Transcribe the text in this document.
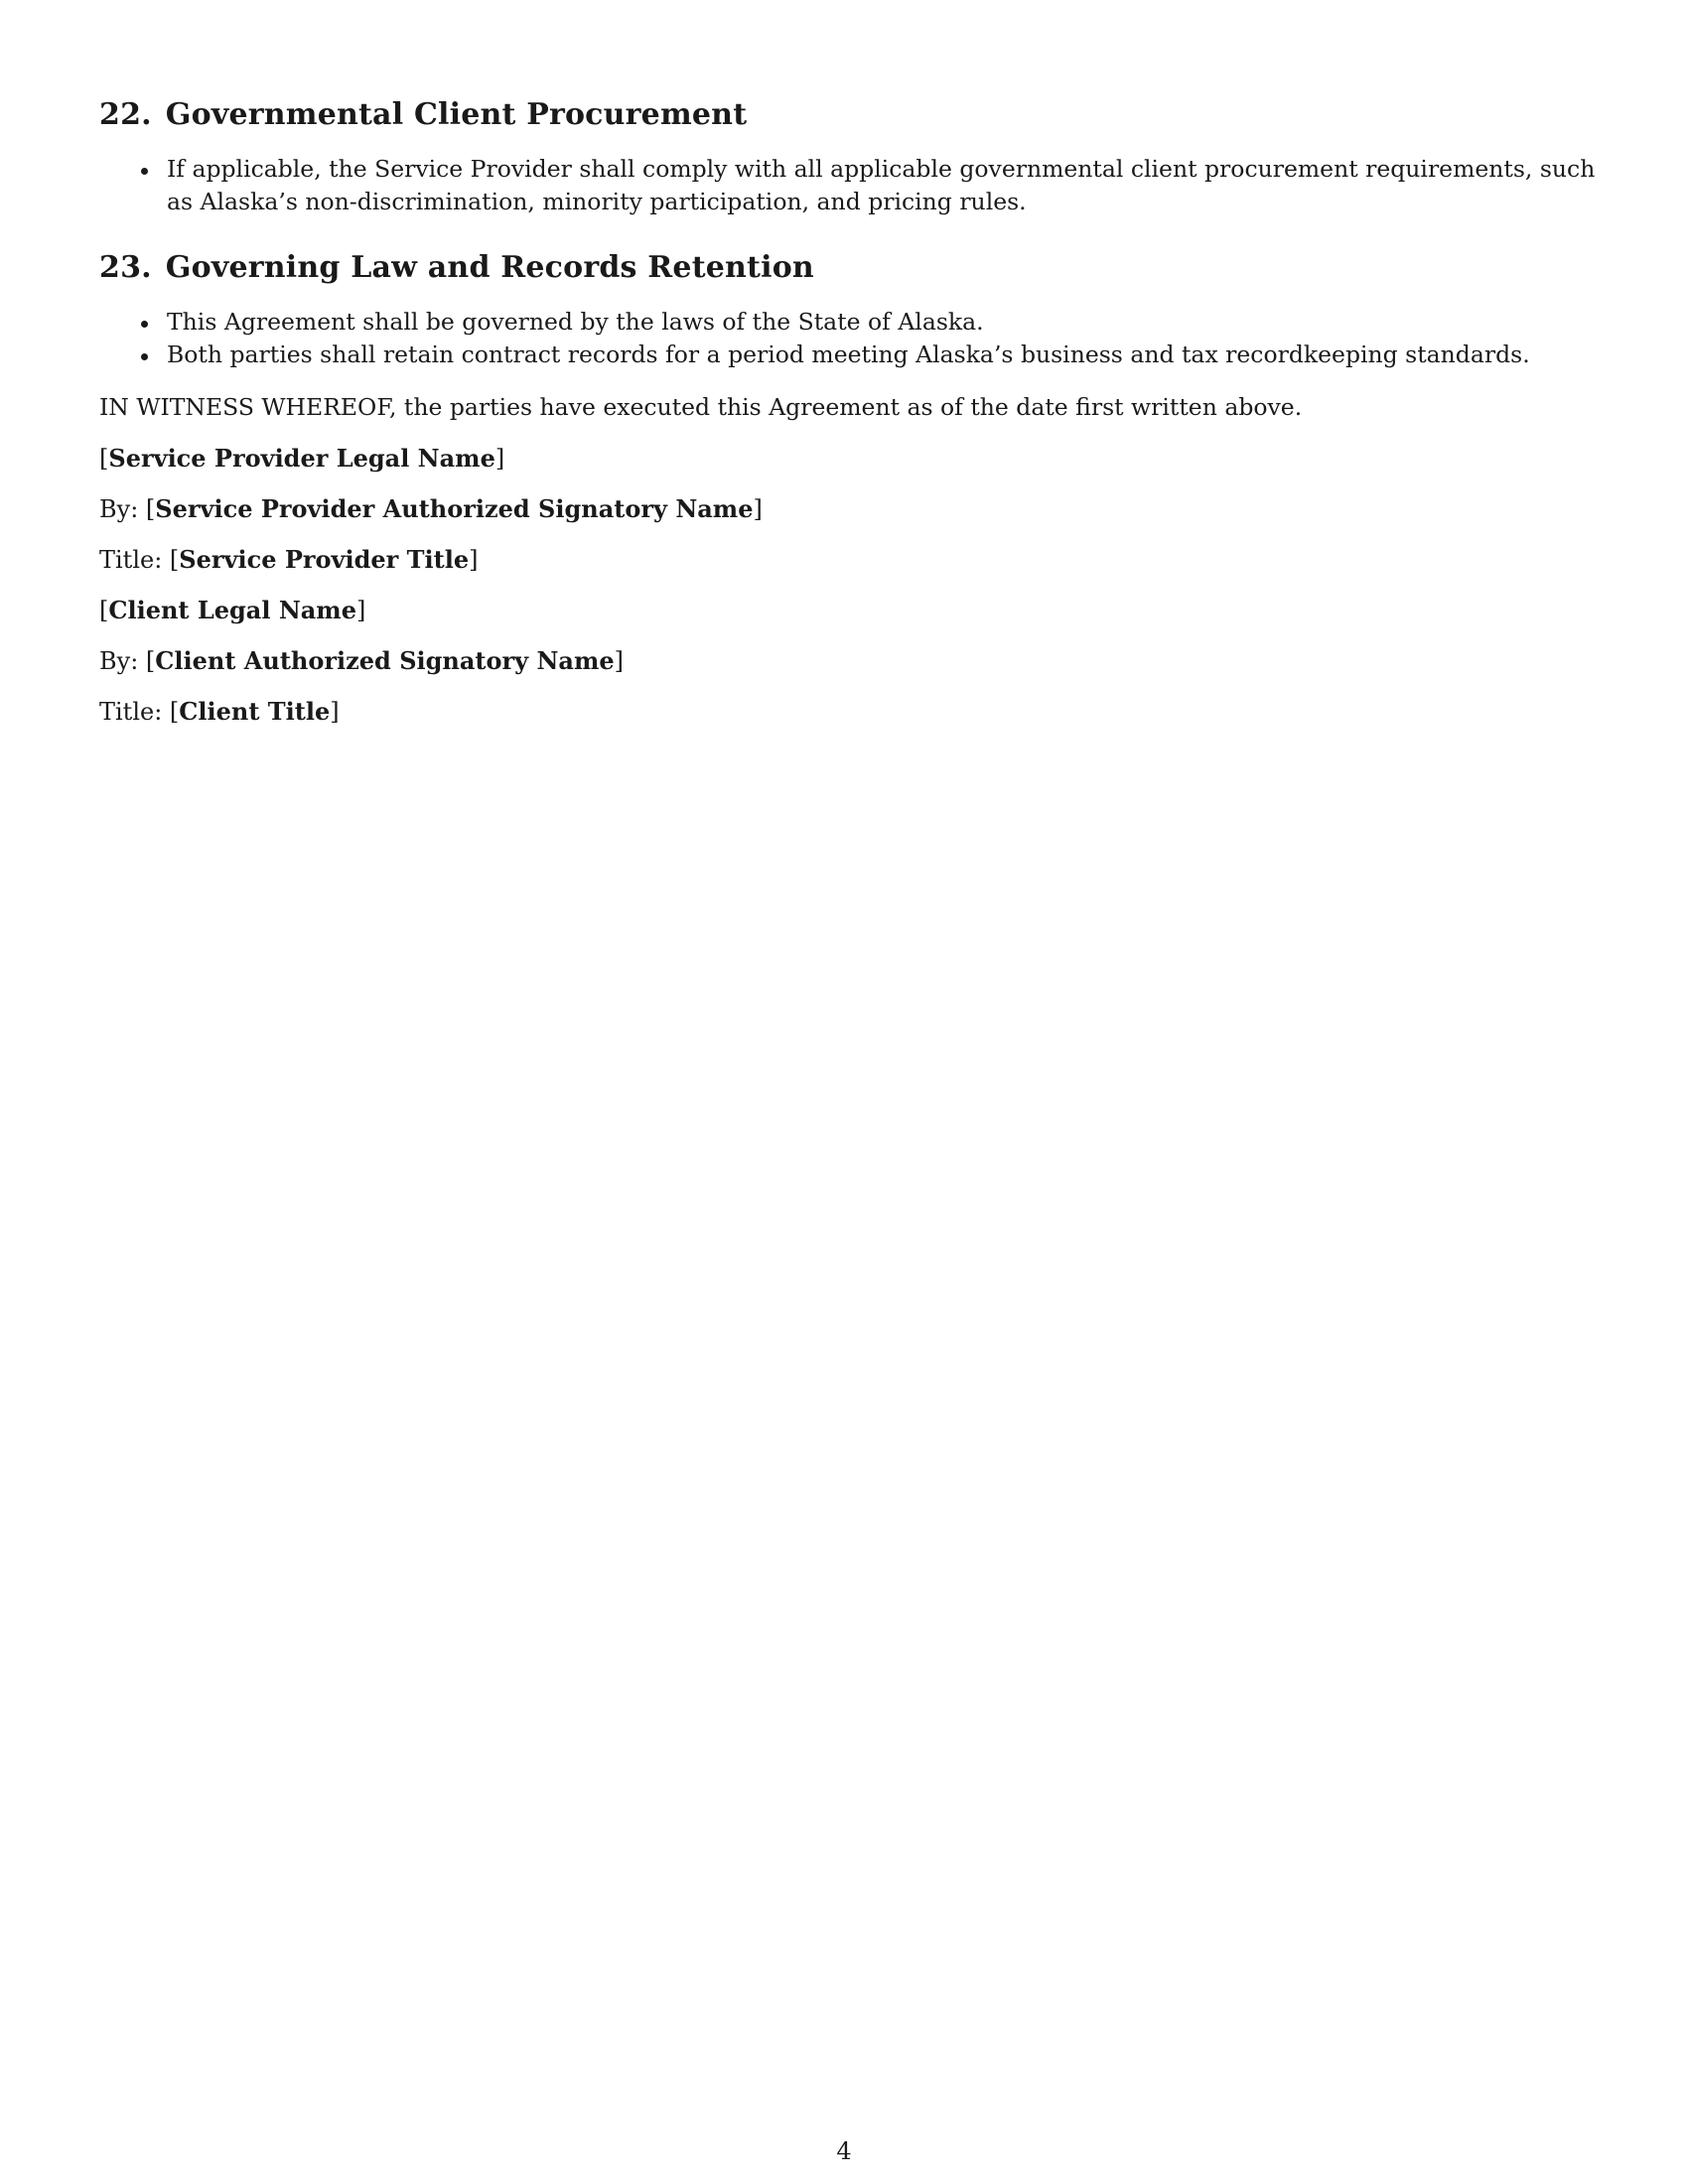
22. Governmental Client Procurement
If applicable, the Service Provider shall comply with all applicable governmental client procurement requirements, such as Alaska’s non-discrimination, minority participation, and pricing rules.
23. Governing Law and Records Retention
This Agreement shall be governed by the laws of the State of Alaska.
Both parties shall retain contract records for a period meeting Alaska’s business and tax recordkeeping standards.

IN WITNESS WHEREOF, the parties have executed this Agreement as of the date first written above.

[Service Provider Legal Name]

By: [Service Provider Authorized Signatory Name]

Title: [Service Provider Title]

[Client Legal Name]

By: [Client Authorized Signatory Name]

Title: [Client Title]

4
